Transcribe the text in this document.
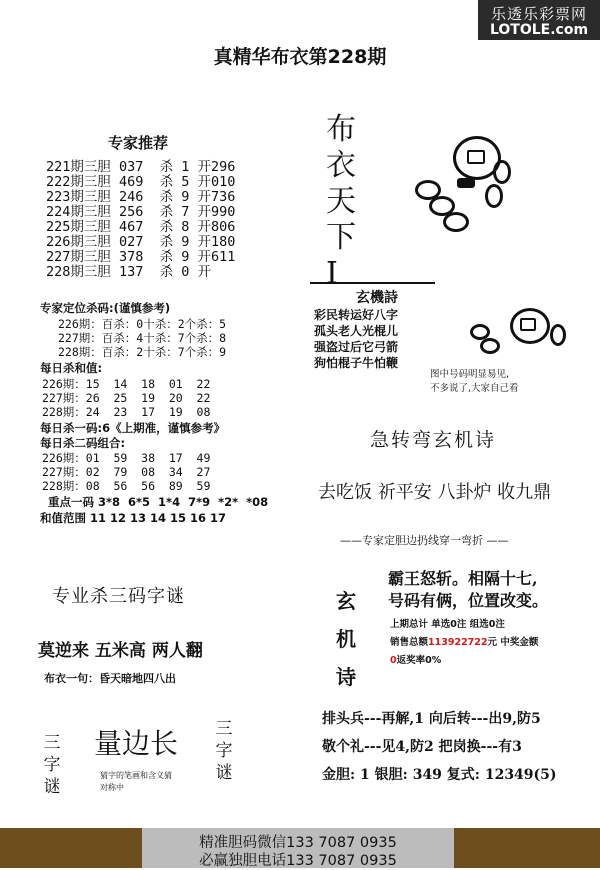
乐透乐彩票网
LOTOLE.com
真精华布衣第228期
专家推荐
221期三胆 037  杀 1 开296
222期三胆 469  杀 5 开010
223期三胆 246  杀 9 开736
224期三胆 256  杀 7 开990
225期三胆 467  杀 8 开806
226期三胆 027  杀 9 开180
227期三胆 378  杀 9 开611
228期三胆 137  杀 0 开
专家定位杀码:(谨慎参考)
226期：百杀：0十杀：2个杀：5
227期：百杀：4十杀：7个杀：8
228期：百杀：2十杀：7个杀：9
每日杀和值:
226期：15  14  18  01  22
227期：26  25  19  20  22
228期：24  23  17  19  08
每日杀一码:6《上期准，谨慎参考》
每日杀二码组合:
226期：01  59  38  17  49
227期：02  79  08  34  27
228期：08  56  56  89  59
重点一码 3*8  6*5  1*4  7*9  *2*  *08
和值范围 11 12 13 14 15 16 17
布衣天下I
玄機詩
彩民转运好八字
孤头老人光棍儿
强盗过后它弓箭
狗怕棍子牛怕鞭
图中号码明显易见,
不多说了,大家自己看
急转弯玄机诗
去吃饭 祈平安 八卦炉 收九鼎
——专家定胆边扔线穿一弯折 ——
玄机诗
霸王怒斩。相隔十七,
号码有俩，位置改变。
上期总计 单选0注 组选0注
销售总额113922722元 中奖金额
0返奖率0%
排头兵---再解,1 向后转---出9,防5
敬个礼---见4,防2 把岗换---有3
金胆: 1 银胆: 349 复式: 12349(5)
专业杀三码字谜
莫逆来 五米高 两人翻
布衣一句：昏天暗地四八出
三字谜
三字谜
量边长
猜字的笔画和含义猜
对称中
精准胆码微信133 7087 0935
必赢独胆电话133 7087 0935
